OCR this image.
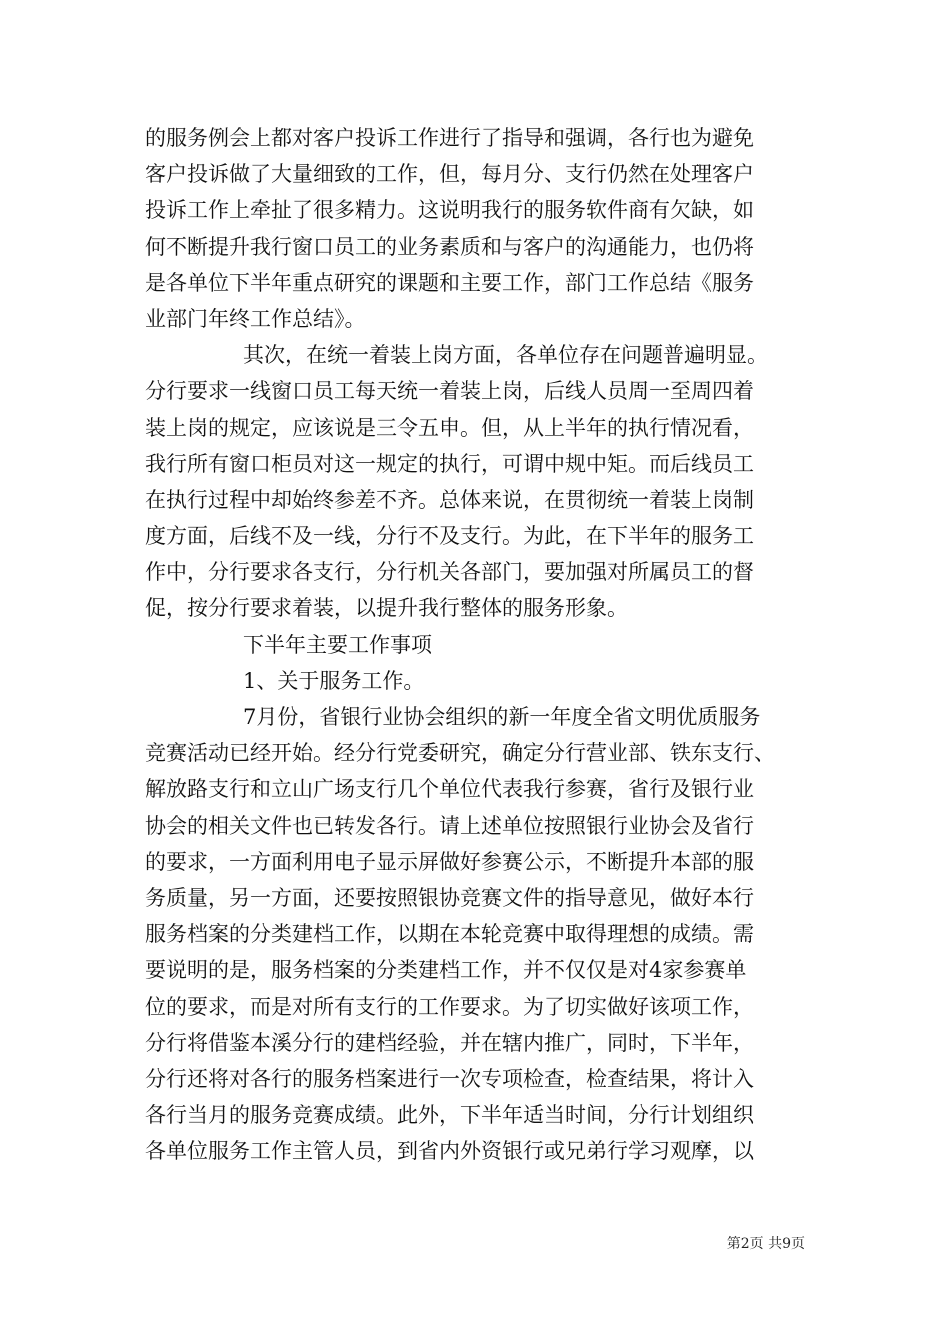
的服务例会上都对客户投诉工作进行了指导和强调，各行也为避免
客户投诉做了大量细致的工作，但，每月分、支行仍然在处理客户
投诉工作上牵扯了很多精力。这说明我行的服务软件商有欠缺，如
何不断提升我行窗口员工的业务素质和与客户的沟通能力，也仍将
是各单位下半年重点研究的课题和主要工作，部门工作总结《服务
业部门年终工作总结》。
其次，在统一着装上岗方面，各单位存在问题普遍明显。
分行要求一线窗口员工每天统一着装上岗，后线人员周一至周四着
装上岗的规定，应该说是三令五申。但，从上半年的执行情况看，
我行所有窗口柜员对这一规定的执行，可谓中规中矩。而后线员工
在执行过程中却始终参差不齐。总体来说，在贯彻统一着装上岗制
度方面，后线不及一线，分行不及支行。为此，在下半年的服务工
作中，分行要求各支行，分行机关各部门，要加强对所属员工的督
促，按分行要求着装，以提升我行整体的服务形象。
下半年主要工作事项
1、关于服务工作。
7月份，省银行业协会组织的新一年度全省文明优质服务
竞赛活动已经开始。经分行党委研究，确定分行营业部、铁东支行、
解放路支行和立山广场支行几个单位代表我行参赛，省行及银行业
协会的相关文件也已转发各行。请上述单位按照银行业协会及省行
的要求，一方面利用电子显示屏做好参赛公示，不断提升本部的服
务质量，另一方面，还要按照银协竞赛文件的指导意见，做好本行
服务档案的分类建档工作，以期在本轮竞赛中取得理想的成绩。需
要说明的是，服务档案的分类建档工作，并不仅仅是对4家参赛单
位的要求，而是对所有支行的工作要求。为了切实做好该项工作，
分行将借鉴本溪分行的建档经验，并在辖内推广，同时，下半年，
分行还将对各行的服务档案进行一次专项检查，检查结果，将计入
各行当月的服务竞赛成绩。此外，下半年适当时间，分行计划组织
各单位服务工作主管人员，到省内外资银行或兄弟行学习观摩，以
第2页 共9页
